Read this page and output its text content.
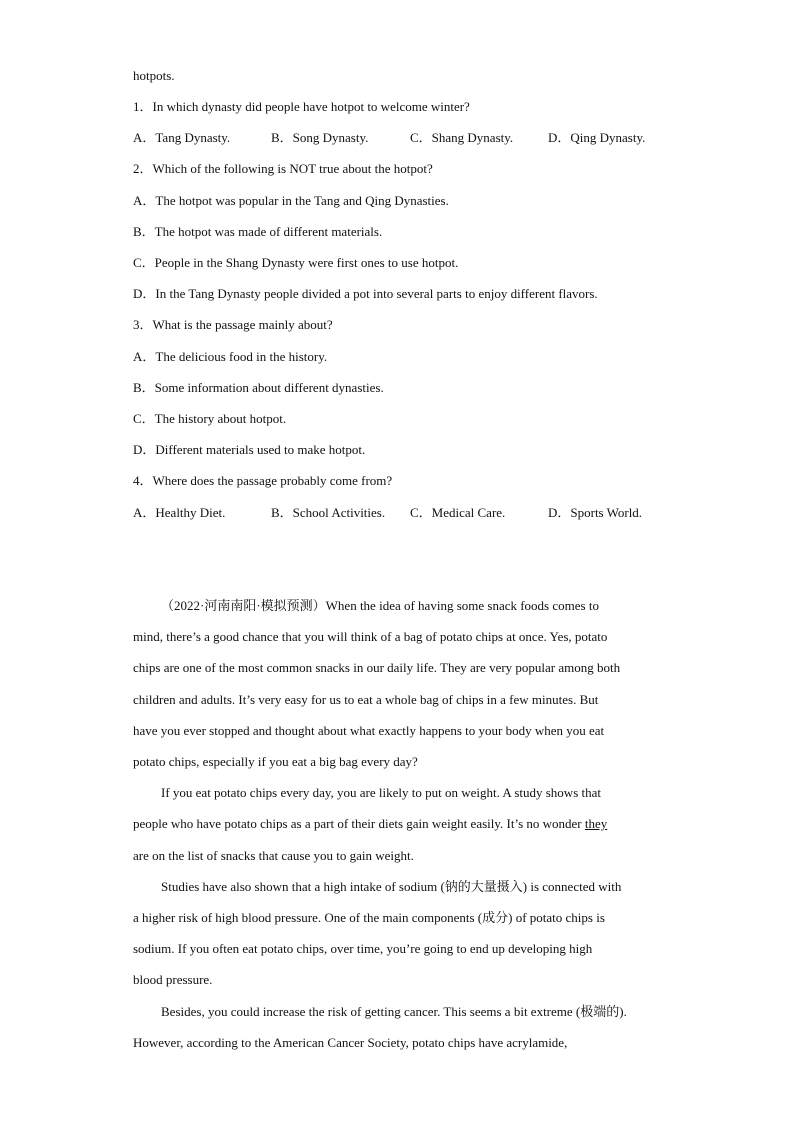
hotpots.
1．In which dynasty did people have hotpot to welcome winter?
A．Tang Dynasty.	B．Song Dynasty.	C．Shang Dynasty.	D．Qing Dynasty.
2．Which of the following is NOT true about the hotpot?
A．The hotpot was popular in the Tang and Qing Dynasties.
B．The hotpot was made of different materials.
C．People in the Shang Dynasty were first ones to use hotpot.
D．In the Tang Dynasty people divided a pot into several parts to enjoy different flavors.
3．What is the passage mainly about?
A．The delicious food in the history.
B．Some information about different dynasties.
C．The history about hotpot.
D．Different materials used to make hotpot.
4．Where does the passage probably come from?
A．Healthy Diet.	B．School Activities. C．Medical Care.	D．Sports World.
（2022·河南南阳·模拟预测）When the idea of having some snack foods comes to
mind, there’s a good chance that you will think of a bag of potato chips at once. Yes, potato
chips are one of the most common snacks in our daily life. They are very popular among both
children and adults. It’s very easy for us to eat a whole bag of chips in a few minutes. But
have you ever stopped and thought about what exactly happens to your body when you eat
potato chips, especially if you eat a big bag every day?
If you eat potato chips every day, you are likely to put on weight. A study shows that
people who have potato chips as a part of their diets gain weight easily. It’s no wonder they
are on the list of snacks that cause you to gain weight.
Studies have also shown that a high intake of sodium (钠的大量摄入) is connected with
a higher risk of high blood pressure. One of the main components (成分) of potato chips is
sodium. If you often eat potato chips, over time, you’re going to end up developing high
blood pressure.
Besides, you could increase the risk of getting cancer. This seems a bit extreme (极端的).
However, according to the American Cancer Society, potato chips have acrylamide,
